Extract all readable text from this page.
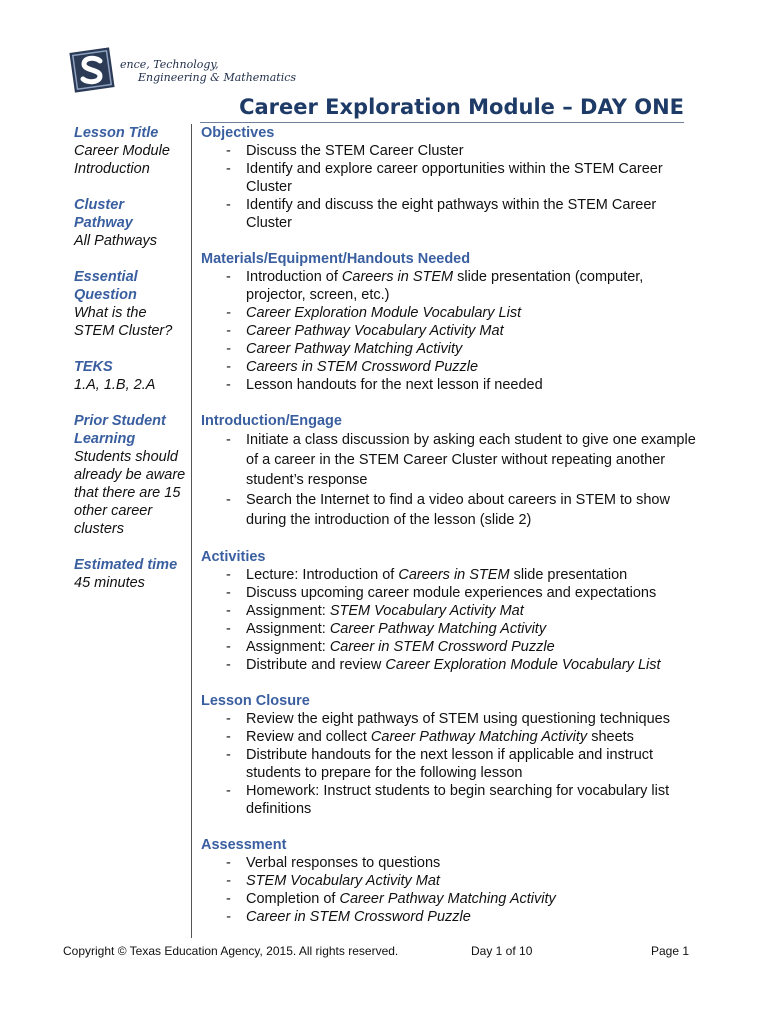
ence, Technology,
Engineering & Mathematics
Career Exploration Module – DAY ONE
Lesson Title
Career Module Introduction
Cluster Pathway
All Pathways
Essential Question
What is the STEM Cluster?
TEKS
1.A, 1.B, 2.A
Prior Student Learning
Students should already be aware that there are 15 other career clusters
Estimated time
45 minutes
Objectives
- Discuss the STEM Career Cluster
- Identify and explore career opportunities within the STEM Career Cluster
- Identify and discuss the eight pathways within the STEM Career Cluster
Materials/Equipment/Handouts Needed
- Introduction of Careers in STEM slide presentation (computer, projector, screen, etc.)
- Career Exploration Module Vocabulary List
- Career Pathway Vocabulary Activity Mat
- Career Pathway Matching Activity
- Careers in STEM Crossword Puzzle
- Lesson handouts for the next lesson if needed
Introduction/Engage
- Initiate a class discussion by asking each student to give one example of a career in the STEM Career Cluster without repeating another student’s response
- Search the Internet to find a video about careers in STEM to show during the introduction of the lesson (slide 2)
Activities
- Lecture: Introduction of Careers in STEM slide presentation
- Discuss upcoming career module experiences and expectations
- Assignment: STEM Vocabulary Activity Mat
- Assignment: Career Pathway Matching Activity
- Assignment: Career in STEM Crossword Puzzle
- Distribute and review Career Exploration Module Vocabulary List
Lesson Closure
- Review the eight pathways of STEM using questioning techniques
- Review and collect Career Pathway Matching Activity sheets
- Distribute handouts for the next lesson if applicable and instruct students to prepare for the following lesson
- Homework: Instruct students to begin searching for vocabulary list definitions
Assessment
- Verbal responses to questions
- STEM Vocabulary Activity Mat
- Completion of Career Pathway Matching Activity
- Career in STEM Crossword Puzzle
Copyright © Texas Education Agency, 2015. All rights reserved.	Day 1 of 10	Page 1
